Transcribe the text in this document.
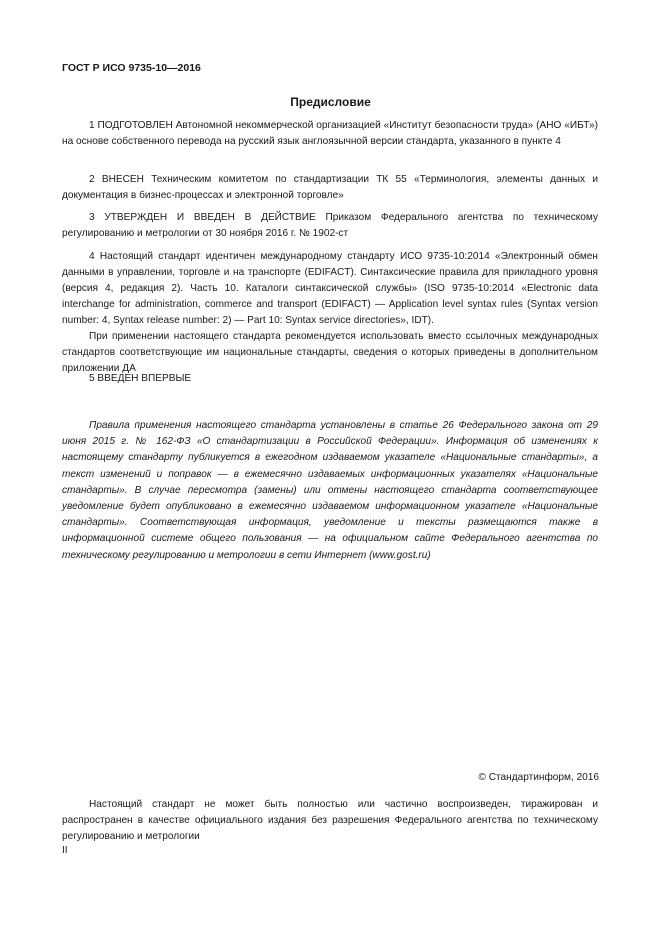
ГОСТ Р ИСО 9735-10—2016
Предисловие

1 ПОДГОТОВЛЕН Автономной некоммерческой организацией «Институт безопасности труда» (АНО «ИБТ») на основе собственного перевода на русский язык англоязычной версии стандарта, указанного в пункте 4

2 ВНЕСЕН Техническим комитетом по стандартизации ТК 55 «Терминология, элементы данных и документация в бизнес-процессах и электронной торговле»

3 УТВЕРЖДЕН И ВВЕДЕН В ДЕЙСТВИЕ Приказом Федерального агентства по техническому регулированию и метрологии от 30 ноября 2016 г. № 1902-ст

4 Настоящий стандарт идентичен международному стандарту ИСО 9735-10:2014 «Электронный обмен данными в управлении, торговле и на транспорте (EDIFACT). Синтаксические правила для прикладного уровня (версия 4, редакция 2). Часть 10. Каталоги синтаксической службы» (ISO 9735-10:2014 «Electronic data interchange for administration, commerce and transport (EDIFACT) — Application level syntax rules (Syntax version number: 4, Syntax release number: 2) — Part 10: Syntax service directories», IDT).

При применении настоящего стандарта рекомендуется использовать вместо ссылочных международных стандартов соответствующие им национальные стандарты, сведения о которых приведены в дополнительном приложении ДА

5 ВВЕДЕН ВПЕРВЫЕ

Правила применения настоящего стандарта установлены в статье 26 Федерального закона от 29 июня 2015 г. № 162-ФЗ «О стандартизации в Российской Федерации». Информация об изменениях к настоящему стандарту публикуется в ежегодном издаваемом указателе «Национальные стандарты», а текст изменений и поправок — в ежемесячно издаваемых информационных указателях «Национальные стандарты». В случае пересмотра (замены) или отмены настоящего стандарта соответствующее уведомление будет опубликовано в ежемесячно издаваемом информационном указателе «Национальные стандарты». Соответствующая информация, уведомление и тексты размещаются также в информационной системе общего пользования — на официальном сайте Федерального агентства по техническому регулированию и метрологии в сети Интернет (www.gost.ru)

© Стандартинформ, 2016

Настоящий стандарт не может быть полностью или частично воспроизведен, тиражирован и распространен в качестве официального издания без разрешения Федерального агентства по техническому регулированию и метрологии

II
